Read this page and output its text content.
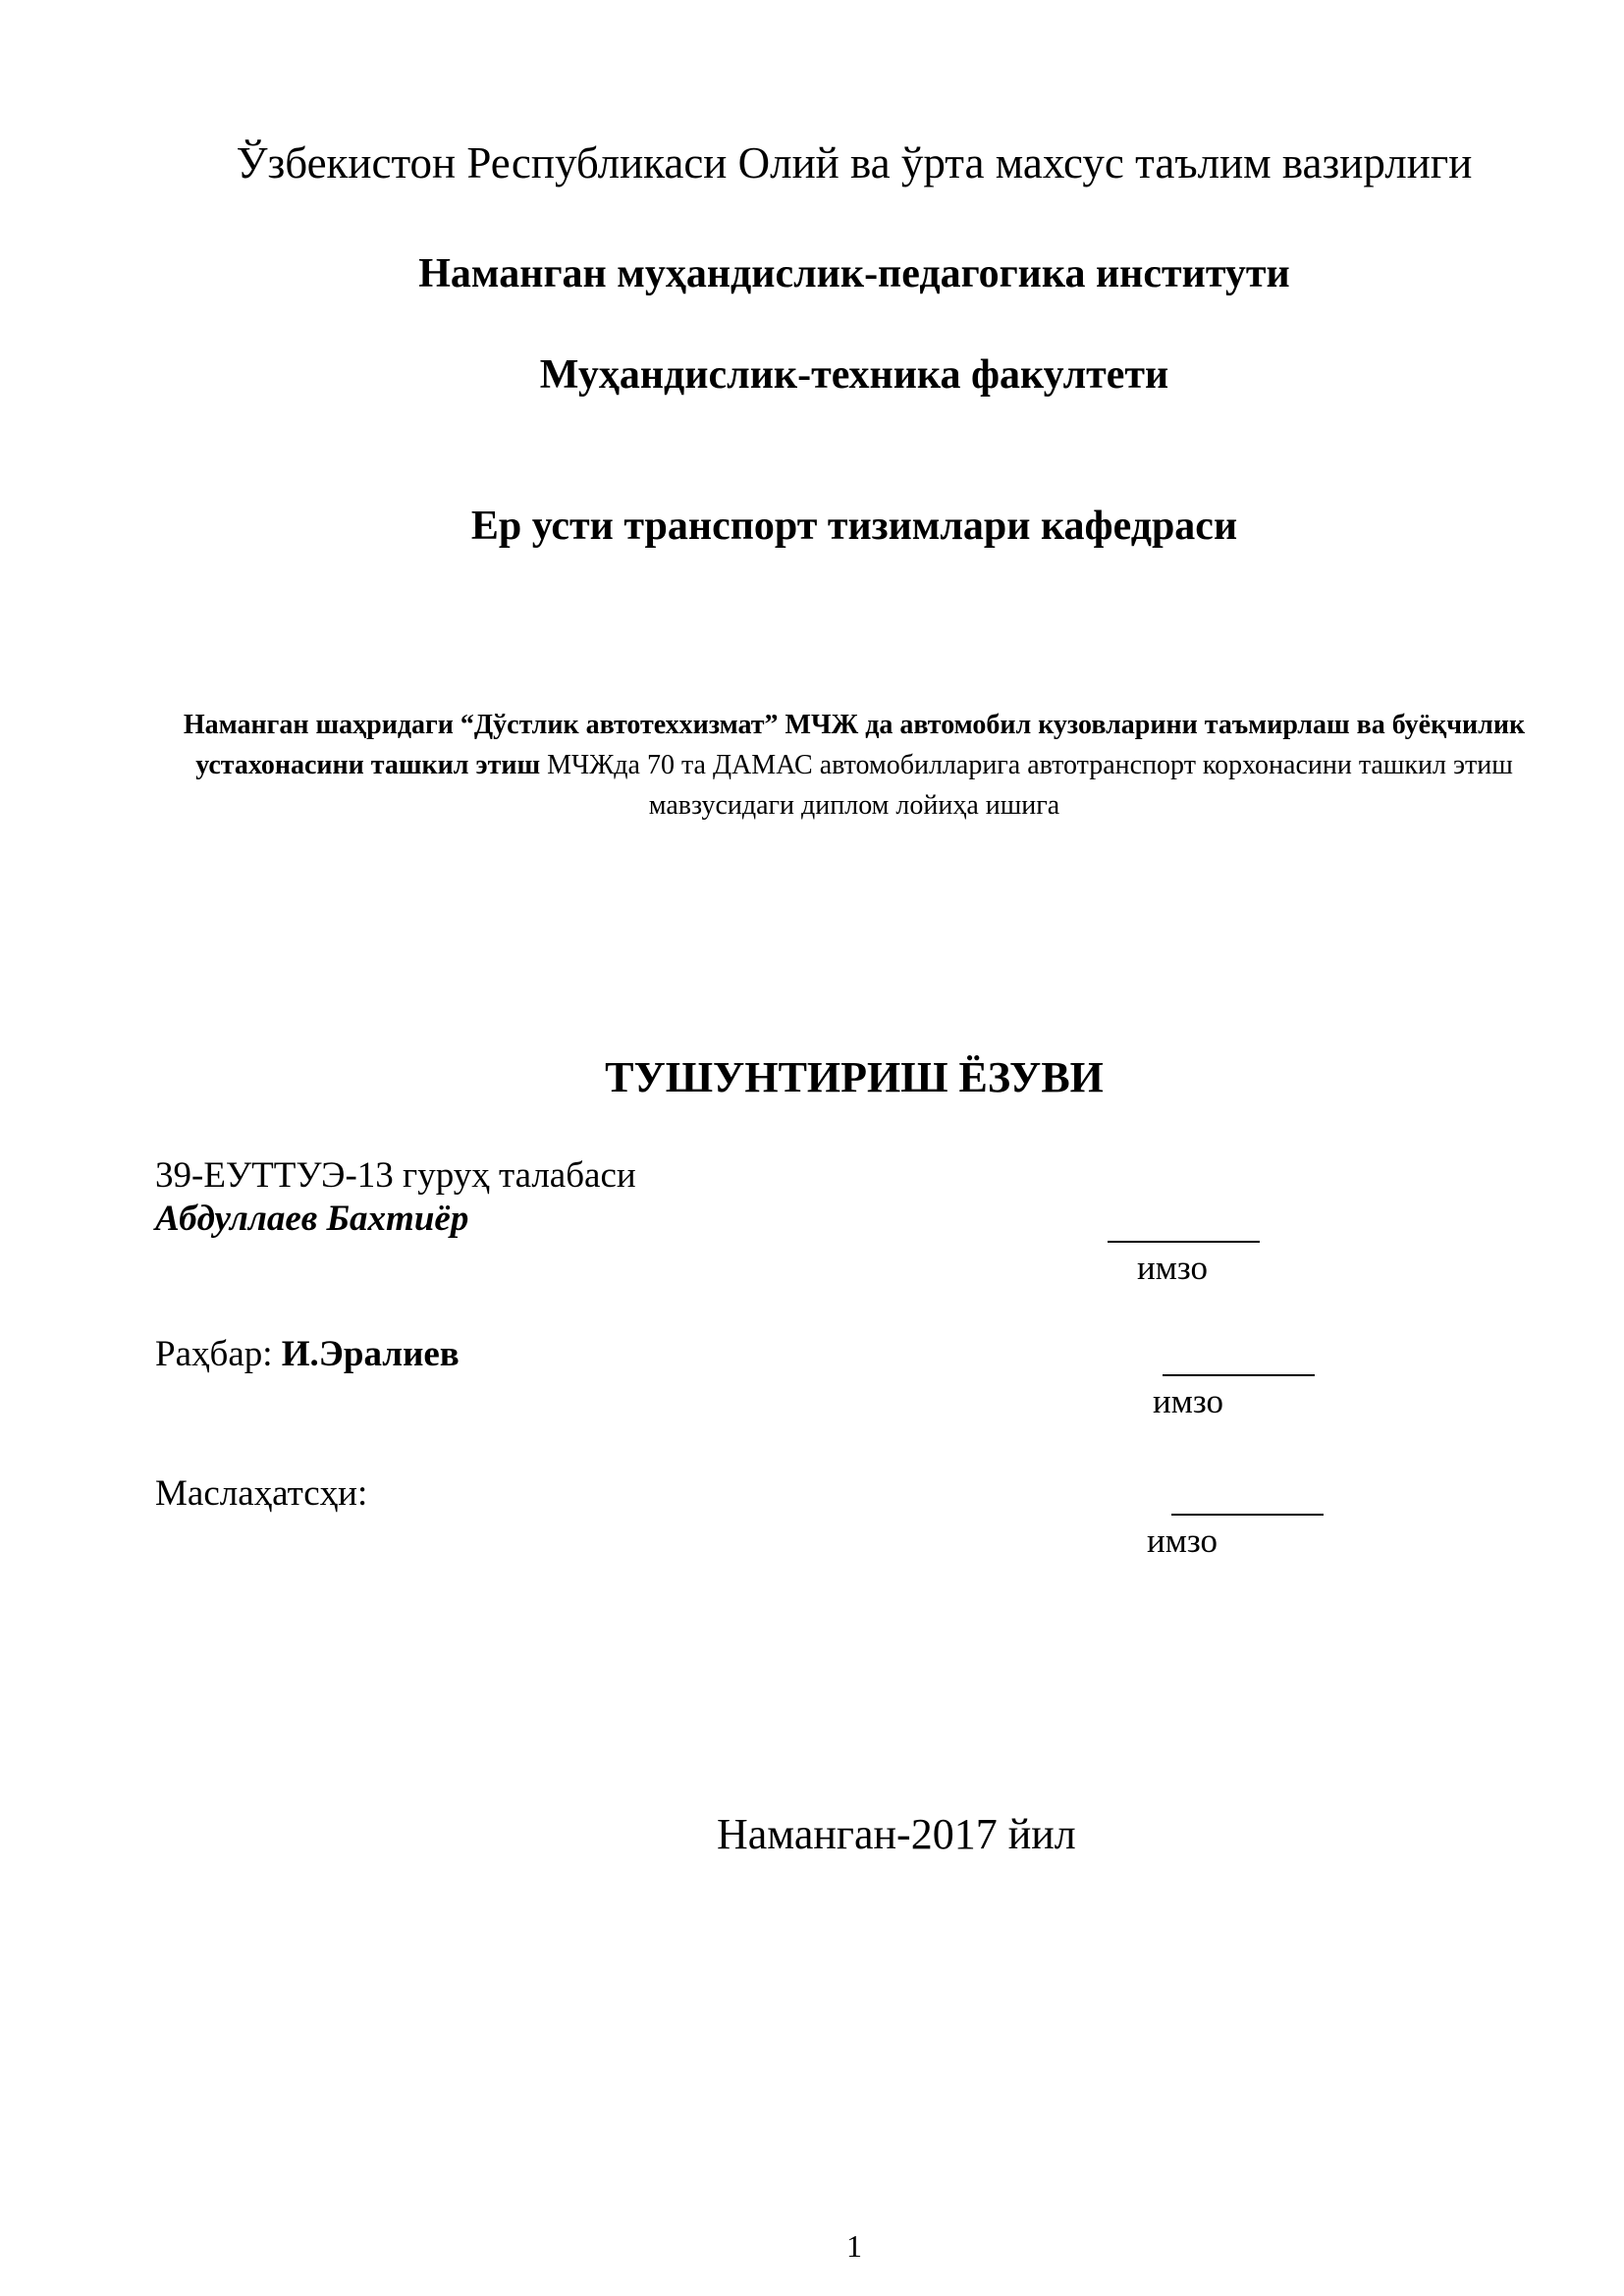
Ўзбекистон Республикаси Олий ва ўрта махсус таълим вазирлиги
Наманган муҳандислик-педагогика институти
Муҳандислик-техника факултети
Ер усти транспорт тизимлари кафедраси
Наманган шаҳридаги “Дўстлик автотеххизмат” МЧЖ да автомобил кузовларини таъмирлаш ва буёқчилик устахонасини ташкил этиш МЧЖда 70 та ДАМАС автомобилларига автотранспорт корхонасини ташкил этиш мавзусидаги диплом лойиҳа ишига
ТУШУНТИРИШ ЁЗУВИ
39-ЕУТТУЭ-13 гуруҳ талабаси
Абдуллаев Бахтиёр
имзо
Раҳбар: И.Эралиев
имзо
Маслаҳатсҳи:
имзо
Наманган-2017 йил
1
